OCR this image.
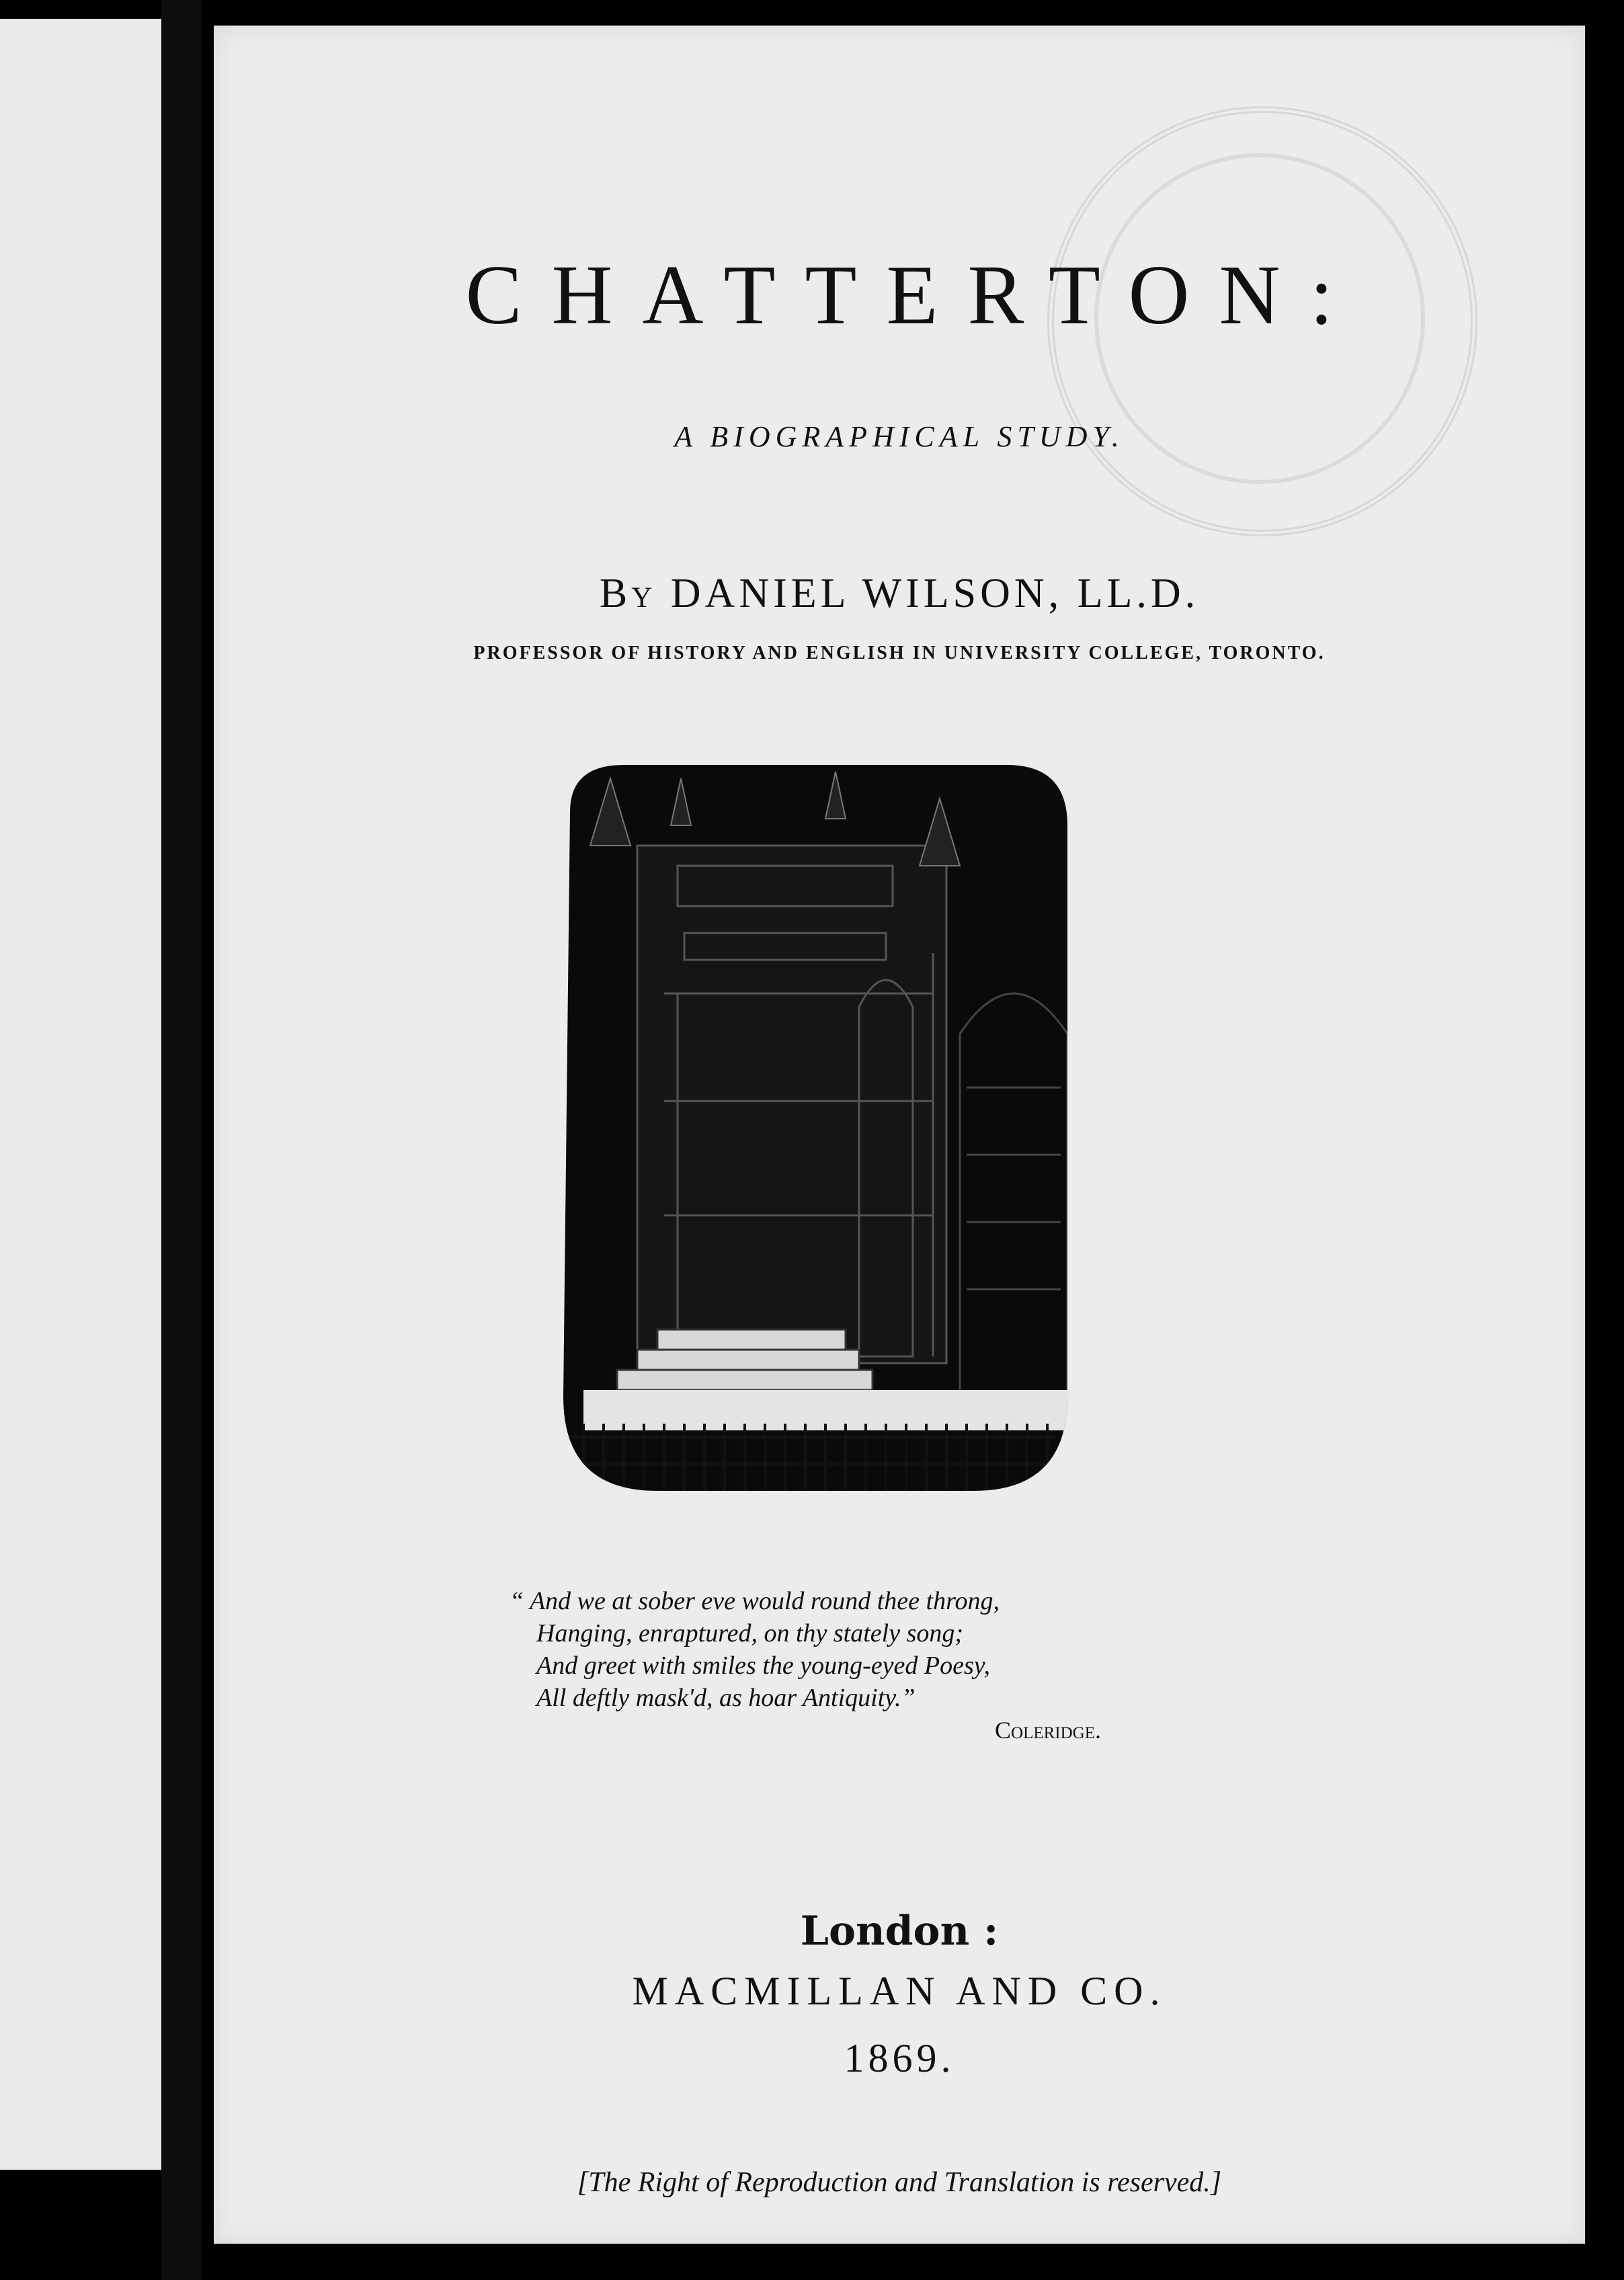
CHATTERTON:
A BIOGRAPHICAL STUDY.
By DANIEL WILSON, LL.D.
PROFESSOR OF HISTORY AND ENGLISH IN UNIVERSITY COLLEGE, TORONTO.
“ And we at sober eve would round thee throng,
Hanging, enraptured, on thy stately song;
And greet with smiles the young-eyed Poesy,
All deftly mask'd, as hoar Antiquity.”
Coleridge.
London :
MACMILLAN AND CO.
1869.
[The Right of Reproduction and Translation is reserved.]
